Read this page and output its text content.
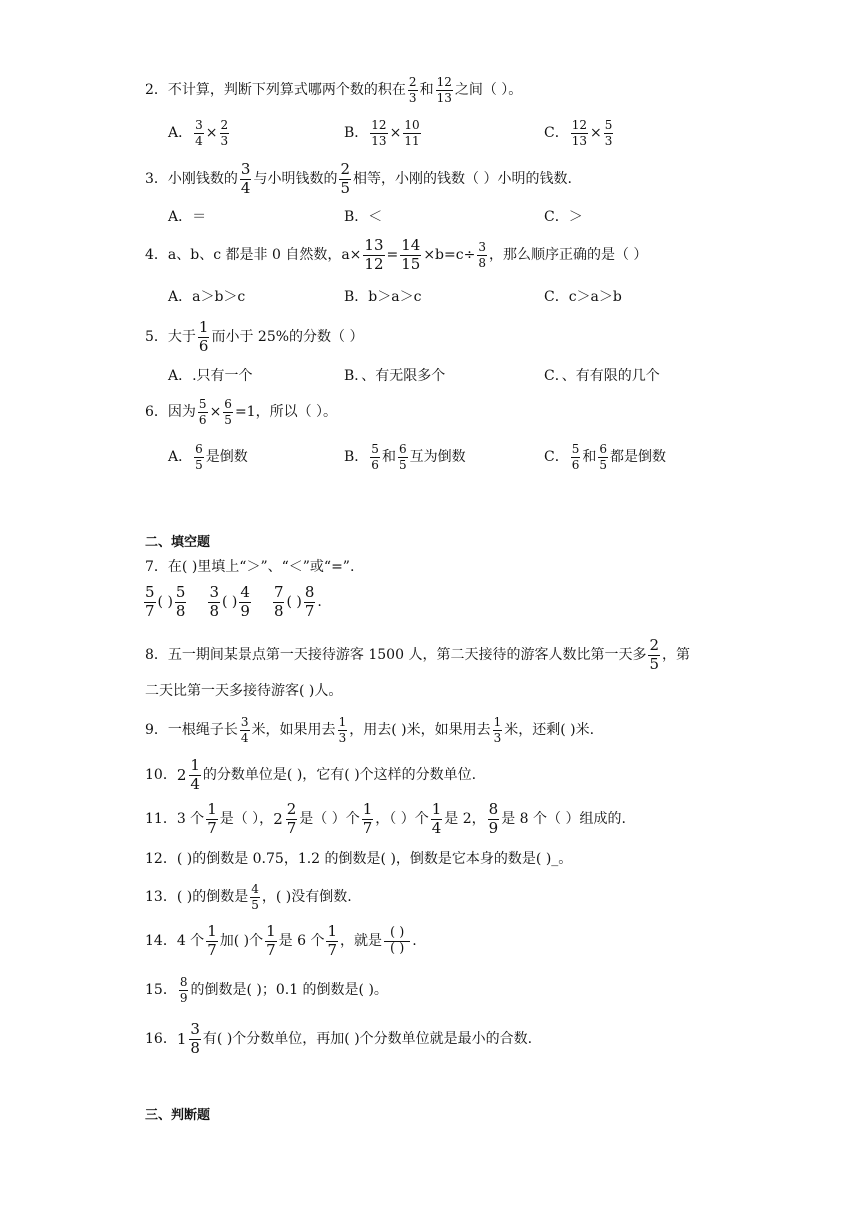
2． 不计算，判断下列算式哪两个数的积在 $\frac{2}{3}$ 和 $\frac{12}{13}$ 之间（ ）。
A． $\frac{3}{4} \times \frac{2}{3}$	B． $\frac{12}{13} \times \frac{10}{11}$	C． $\frac{12}{13} \times \frac{5}{3}$
3． 小刚钱数的 $\frac{3}{4}$ 与小明钱数的 $\frac{2}{5}$ 相等，小刚的钱数（ ）小明的钱数.
A．＝	B．＜	C．＞
4． a、b、c 都是非 0 自然数，$a\times \frac{13}{12} = \frac{14}{15} \times b=c\div \frac{3}{8}$ ，那么顺序正确的是（ ）
A．a＞b＞c	B．b＞a＞c	C．c＞a＞b
5． 大于 $\frac{1}{6}$ 而小于 25%的分数（ ）
A．.只有一个	B．、有无限多个	C．、有有限的几个
6． 因为 $\frac{5}{6} \times \frac{6}{5} =1$，所以（ ）。
A． $\frac{6}{5}$ 是倒数	B． $\frac{5}{6}$ 和 $\frac{6}{5}$ 互为倒数	C． $\frac{5}{6}$ 和 $\frac{6}{5}$ 都是倒数
二、填空题
7． 在( )里填上“＞”、“＜”或“=”.
$\frac{5}{7}$ ( ) $\frac{5}{8} \frac{3}{8}$ ( ) $\frac{4}{9} \frac{7}{8}$ ( ) $\frac{8}{7}$ .
8． 五一期间某景点第一天接待游客 1500 人，第二天接待的游客人数比第一天多 $\frac{2}{5}$ ，第
二天比第一天多接待游客( )人。
9． 一根绳子长 $\frac{3}{4}$ 米，如果用去 $\frac{1}{3}$ ，用去( )米，如果用去 $\frac{1}{3}$ 米，还剩( )米.
10． $2 \frac{1}{4}$ 的分数单位是( )，它有( )个这样的分数单位.
11． 3 个 $\frac{1}{7}$ 是（ ）， $2 \frac{2}{7}$ 是（ ）个 $\frac{1}{7}$ ，（ ）个 $\frac{1}{4}$ 是 2， $\frac{8}{9}$ 是 8 个（ ）组成的.
12． ( )的倒数是 0.75，1.2 的倒数是( )，倒数是它本身的数是( )_。
13． ( )的倒数是 $\frac{4}{5}$ ，( )没有倒数.
14． 4 个 $\frac{1}{7}$ 加( )个 $\frac{1}{7}$ 是 6 个 $\frac{1}{7}$ ，就是 $\frac{( )}{( )}$ .
15． $\frac{8}{9}$ 的倒数是( )；0.1 的倒数是( )。
16． $1 \frac{3}{8}$ 有( )个分数单位，再加( )个分数单位就是最小的合数.
三、判断题
